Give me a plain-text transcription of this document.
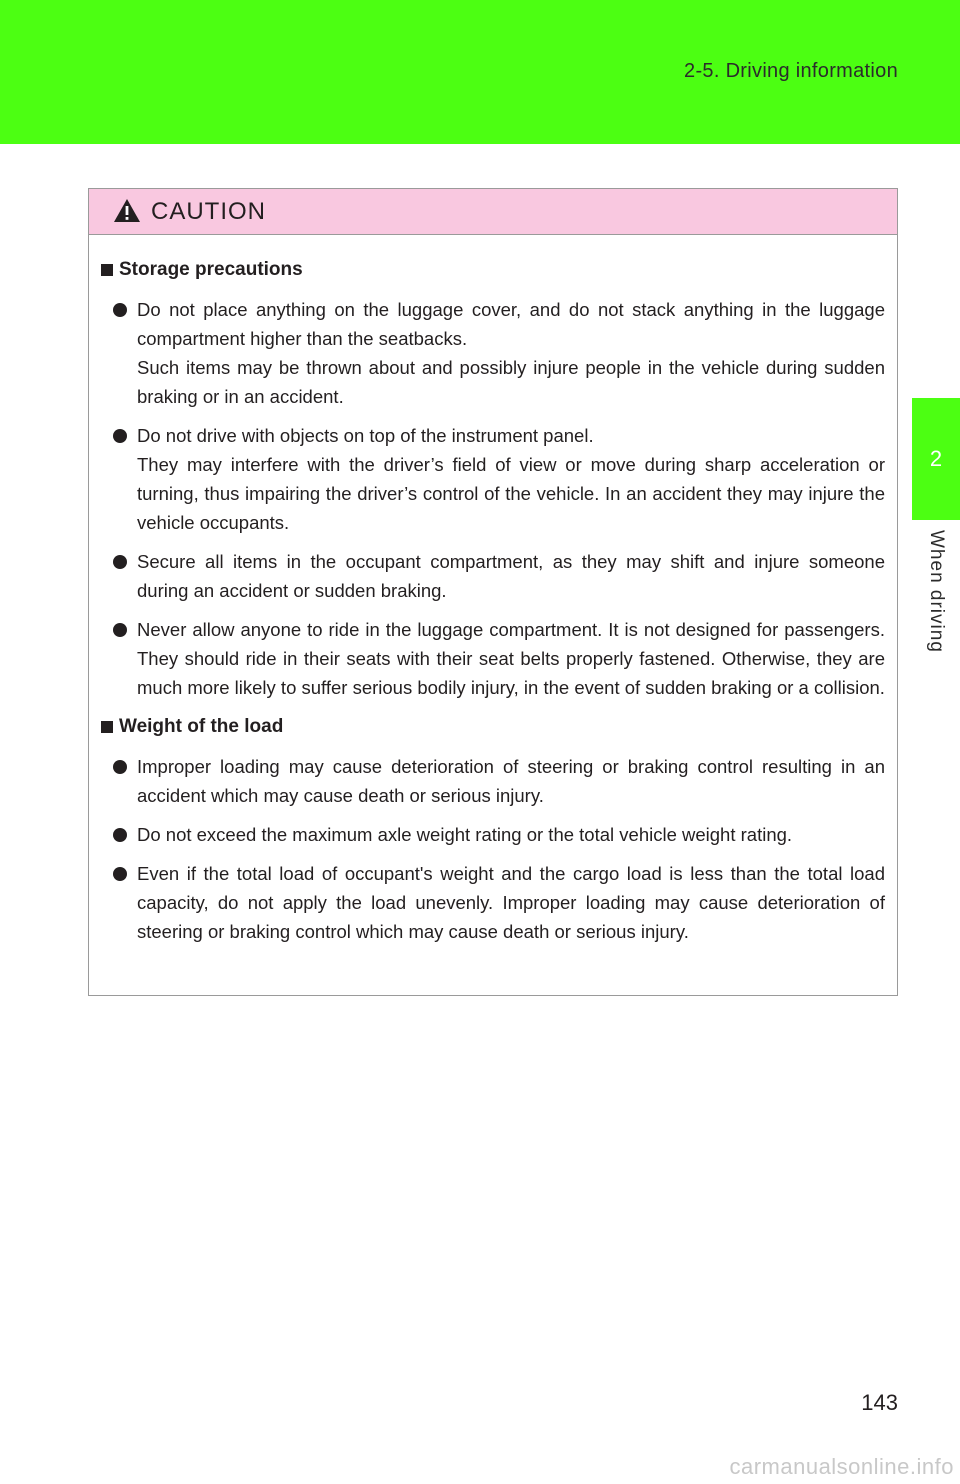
2-5. Driving information
2
When driving
CAUTION
Storage precautions

Do not place anything on the luggage cover, and do not stack anything in the luggage compartment higher than the seatbacks.

Such items may be thrown about and possibly injure people in the vehicle during sudden braking or in an accident.

Do not drive with objects on top of the instrument panel.

They may interfere with the driver’s field of view or move during sharp acceleration or turning, thus impairing the driver’s control of the vehicle. In an accident they may injure the vehicle occupants.

Secure all items in the occupant compartment, as they may shift and injure someone during an accident or sudden braking.

Never allow anyone to ride in the luggage compartment. It is not designed for passengers. They should ride in their seats with their seat belts properly fastened. Otherwise, they are much more likely to suffer serious bodily injury, in the event of sudden braking or a collision.

Weight of the load

Improper loading may cause deterioration of steering or braking control resulting in an accident which may cause death or serious injury.

Do not exceed the maximum axle weight rating or the total vehicle weight rating.

Even if the total load of occupant's weight and the cargo load is less than the total load capacity, do not apply the load unevenly. Improper loading may cause deterioration of steering or braking control which may cause death or serious injury.

143
carmanualsonline.info
